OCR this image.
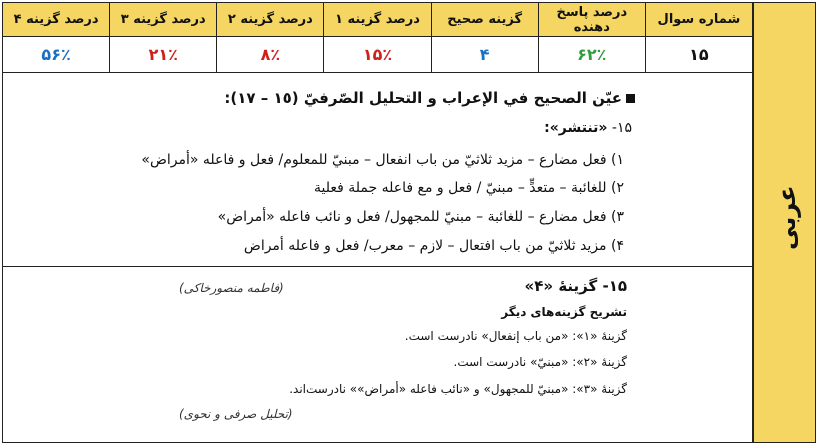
شماره سوال	درصد پاسخ دهنده	گزینه صحیح	درصد گزینه ۱	درصد گزینه ۲	درصد گزینه ۳	درصد گزینه ۴
۱۵	۶۲٪	۴	۱۵٪	۸٪	۲۱٪	۵۶٪
عربی
عيّن الصحيح في الإعراب و التحليل الصّرفيّ (١٥ – ١٧):
۱۵- «تنتشر»:
۱) فعل مضارع – مزيد ثلاثيّ من باب انفعال – مبنيّ للمعلوم/ فعل و فاعله «أمراض»
۲) للغائبة – متعدٍّ – مبنيّ / فعل و مع فاعله جملة فعلية
۳) فعل مضارع – للغائبة – مبنيّ للمجهول/ فعل و نائب فاعله «أمراض»
۴) مزيد ثلاثيّ من باب افتعال – لازم – معرب/ فعل و فاعله أمراض
۱۵- گزینهٔ «۴»
(فاطمه منصورخاکی)
تشریح گزینه‌های دیگر
گزینهٔ «۱»: «من باب إنفعال» نادرست است.
گزینهٔ «۲»: «مبنيّ» نادرست است.
گزینهٔ «۳»: «مبنيّ للمجهول» و «نائب فاعله «أمراض»» نادرست‌اند.
(تحلیل صرفی و نحوی)
